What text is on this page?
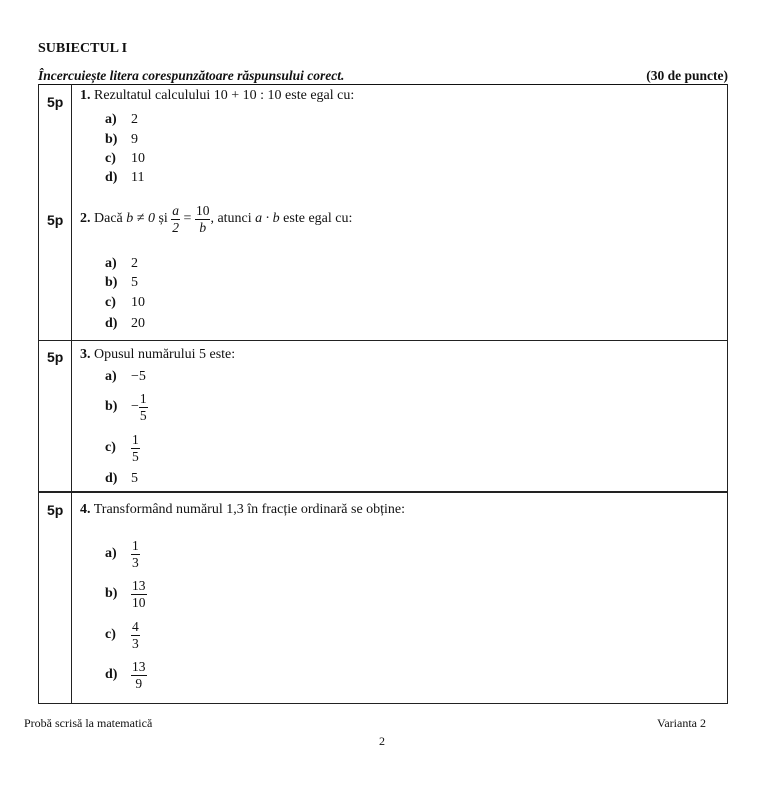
SUBIECTUL I
Încercuiește litera corespunzătoare răspunsului corect.	(30 de puncte)
5p 1. Rezultatul calculului 10 + 10 : 10 este egal cu:
a) 2
b) 9
c) 10
d) 11
5p 2. Dacă b ≠ 0 și $\frac{a}{2} = \frac{10}{b}$ , atunci a · b este egal cu:
a) 2
b) 5
c) 10
d) 20
5p 3. Opusul numărului 5 este:
a) −5
$b) - \frac{1}{5}$
$c) \frac{1}{5}$
d) 5
5p 4. Transformând numărul 1,3 în fracție ordinară se obține:
$a) \frac{1}{3}$
$b) \frac{13}{10}$
$c) \frac{4}{3}$
$d) \frac{13}{9}$
Probă scrisă la matematică	Varianta 2
2
